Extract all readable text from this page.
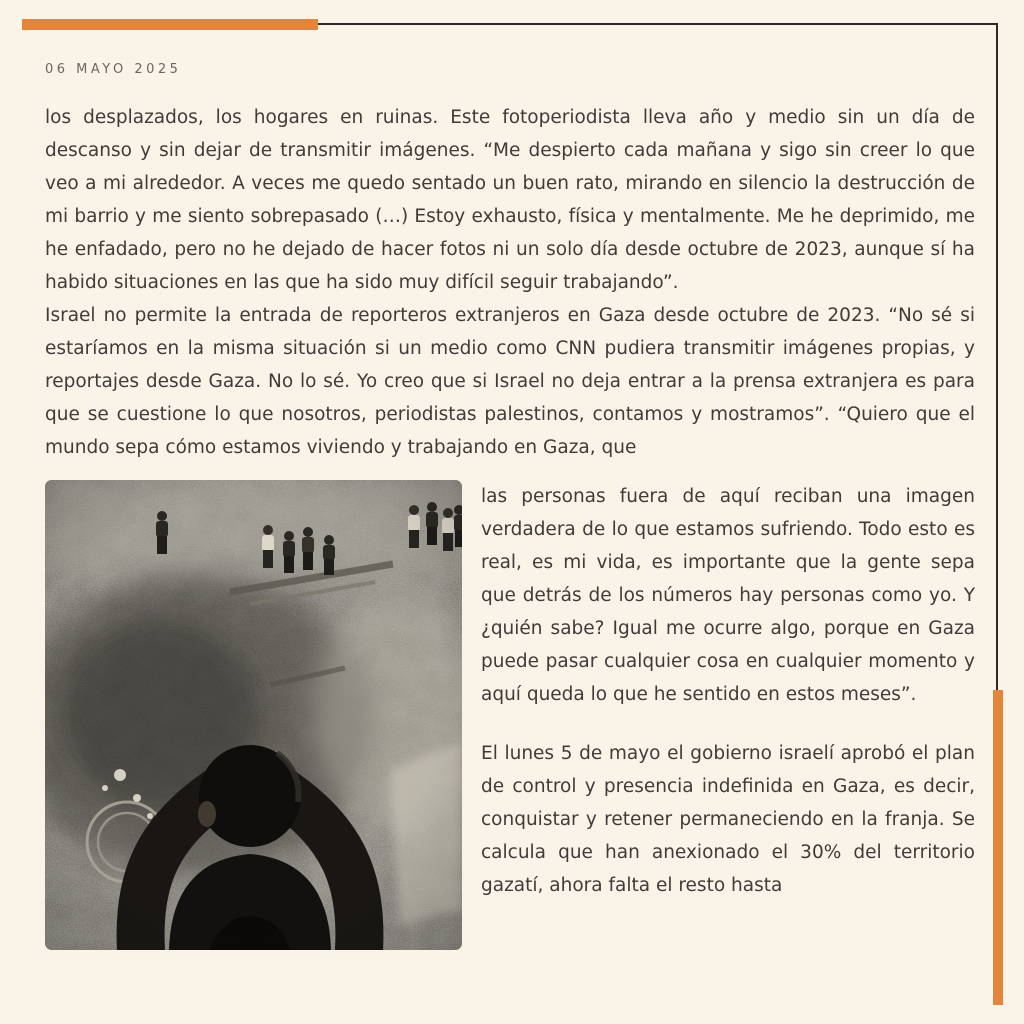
06 MAYO 2025

los desplazados, los hogares en ruinas. Este fotoperiodista lleva año y medio sin un día de descanso y sin dejar de transmitir imágenes. “Me despierto cada mañana y sigo sin creer lo que veo a mi alrededor. A veces me quedo sentado un buen rato, mirando en silencio la destrucción de mi barrio y me siento sobrepasado (…) Estoy exhausto, física y mentalmente. Me he deprimido, me he enfadado, pero no he dejado de hacer fotos ni un solo día desde octubre de 2023, aunque sí ha habido situaciones en las que ha sido muy difícil seguir trabajando”.

Israel no permite la entrada de reporteros extranjeros en Gaza desde octubre de 2023. “No sé si estaríamos en la misma situación si un medio como CNN pudiera transmitir imágenes propias, y reportajes desde Gaza. No lo sé. Yo creo que si Israel no deja entrar a la prensa extranjera es para que se cuestione lo que nosotros, periodistas palestinos, contamos y mostramos”. “Quiero que el mundo sepa cómo estamos viviendo y trabajando en Gaza, que

las personas fuera de aquí reciban una imagen verdadera de lo que estamos sufriendo. Todo esto es real, es mi vida, es importante que la gente sepa que detrás de los números hay personas como yo. Y ¿quién sabe? Igual me ocurre algo, porque en Gaza puede pasar cualquier cosa en cualquier momento y aquí queda lo que he sentido en estos meses”.

El lunes 5 de mayo el gobierno israelí aprobó el plan de control y presencia indefinida en Gaza, es decir, conquistar y retener permaneciendo en la franja. Se calcula que han anexionado el 30% del territorio gazatí, ahora falta el resto hasta
